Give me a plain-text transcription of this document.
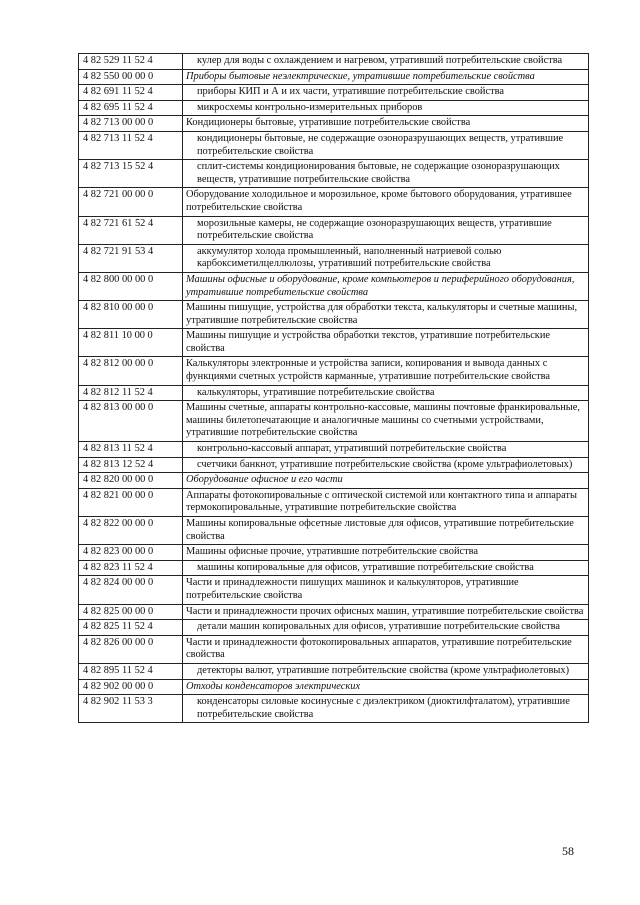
4 82 529 11 52 4	кулер для воды с охлаждением и нагревом, утративший потребительские свойства
4 82 550 00 00 0	Приборы бытовые неэлектрические, утратившие потребительские свойства
4 82 691 11 52 4	приборы КИП и А и их части, утратившие потребительские свойства
4 82 695 11 52 4	микросхемы контрольно-измерительных приборов
4 82 713 00 00 0	Кондиционеры бытовые, утратившие потребительские свойства
4 82 713 11 52 4	кондиционеры бытовые, не содержащие озоноразрушающих веществ, утратившие потребительские свойства
4 82 713 15 52 4	сплит-системы кондиционирования бытовые, не содержащие озоноразрушающих веществ, утратившие потребительские свойства
4 82 721 00 00 0	Оборудование холодильное и морозильное, кроме бытового оборудования, утратившее потребительские свойства
4 82 721 61 52 4	морозильные камеры, не содержащие озоноразрушающих веществ, утратившие потребительские свойства
4 82 721 91 53 4	аккумулятор холода промышленный, наполненный натриевой солью карбоксиметилцеллюлозы, утративший потребительские свойства
4 82 800 00 00 0	Машины офисные и оборудование, кроме компьютеров и периферийного оборудования, утратившие потребительские свойства
4 82 810 00 00 0	Машины пишущие, устройства для обработки текста, калькуляторы и счетные машины, утратившие потребительские свойства
4 82 811 10 00 0	Машины пишущие и устройства обработки текстов, утратившие потребительские свойства
4 82 812 00 00 0	Калькуляторы электронные и устройства записи, копирования и вывода данных с функциями счетных устройств карманные, утратившие потребительские свойства
4 82 812 11 52 4	калькуляторы, утратившие потребительские свойства
4 82 813 00 00 0	Машины счетные, аппараты контрольно-кассовые, машины почтовые франкировальные, машины билетопечатающие и аналогичные машины со счетными устройствами, утратившие потребительские свойства
4 82 813 11 52 4	контрольно-кассовый аппарат, утративший потребительские свойства
4 82 813 12 52 4	счетчики банкнот, утратившие потребительские свойства (кроме ультрафиолетовых)
4 82 820 00 00 0	Оборудование офисное и его части
4 82 821 00 00 0	Аппараты фотокопировальные с оптической системой или контактного типа и аппараты термокопировальные, утратившие потребительские свойства
4 82 822 00 00 0	Машины копировальные офсетные листовые для офисов, утратившие потребительские свойства
4 82 823 00 00 0	Машины офисные прочие, утратившие потребительские свойства
4 82 823 11 52 4	машины копировальные для офисов, утратившие потребительские свойства
4 82 824 00 00 0	Части и принадлежности пишущих машинок и калькуляторов, утратившие потребительские свойства
4 82 825 00 00 0	Части и принадлежности прочих офисных машин, утратившие потребительские свойства
4 82 825 11 52 4	детали машин копировальных для офисов, утратившие потребительские свойства
4 82 826 00 00 0	Части и принадлежности фотокопировальных аппаратов, утратившие потребительские свойства
4 82 895 11 52 4	детекторы валют, утратившие потребительские свойства (кроме ультрафиолетовых)
4 82 902 00 00 0	Отходы конденсаторов электрических
4 82 902 11 53 3	конденсаторы силовые косинусные с диэлектриком (диоктилфталатом), утратившие потребительские свойства
58
